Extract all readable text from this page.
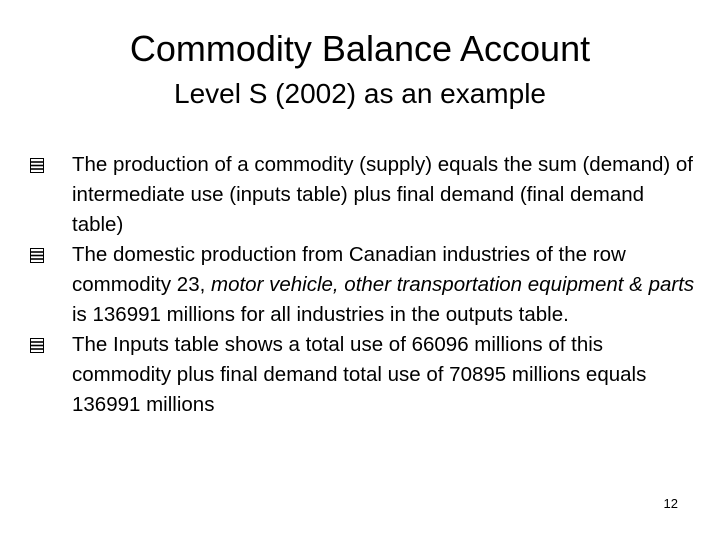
Commodity Balance Account
Level S (2002) as an example
The production of a commodity (supply) equals the sum (demand) of intermediate use (inputs table) plus final demand (final demand table)
The domestic production from Canadian industries of the row commodity 23, motor vehicle, other transportation equipment & parts is 136991 millions for all industries in the outputs table.
The Inputs table shows a total use of 66096 millions of this commodity plus final demand total use of 70895 millions equals 136991 millions
12
